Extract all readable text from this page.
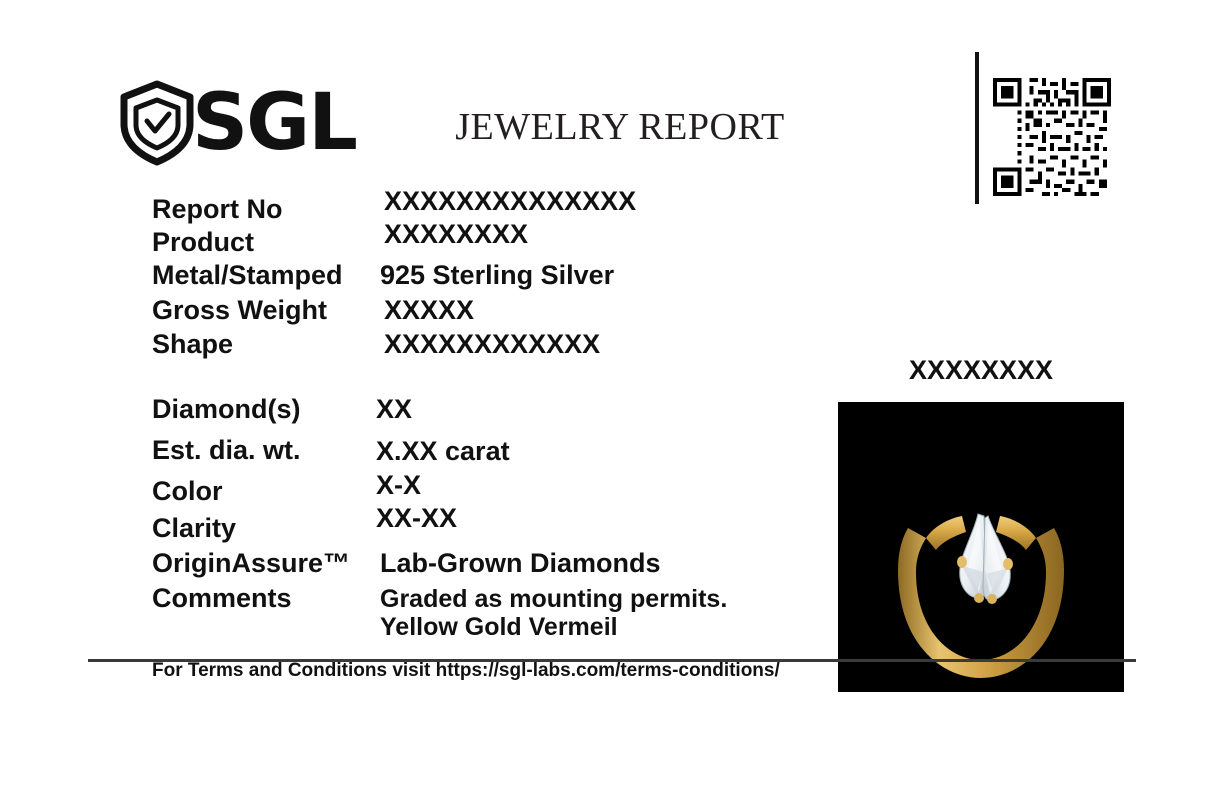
SGL	JEWELRY REPORT
Report No	XXXXXXXXXXXXXX
Product	XXXXXXXX
Metal/Stamped	925 Sterling Silver
Gross Weight	XXXXX
Shape	XXXXXXXXXXXX
Diamond(s)	XX
Est. dia. wt.	X.XX carat
Color	X-X
Clarity	XX-XX
OriginAssure™	Lab-Grown Diamonds
Comments	Graded as mounting permits.
Yellow Gold Vermeil
XXXXXXXX
For Terms and Conditions visit https://sgl-labs.com/terms-conditions/
